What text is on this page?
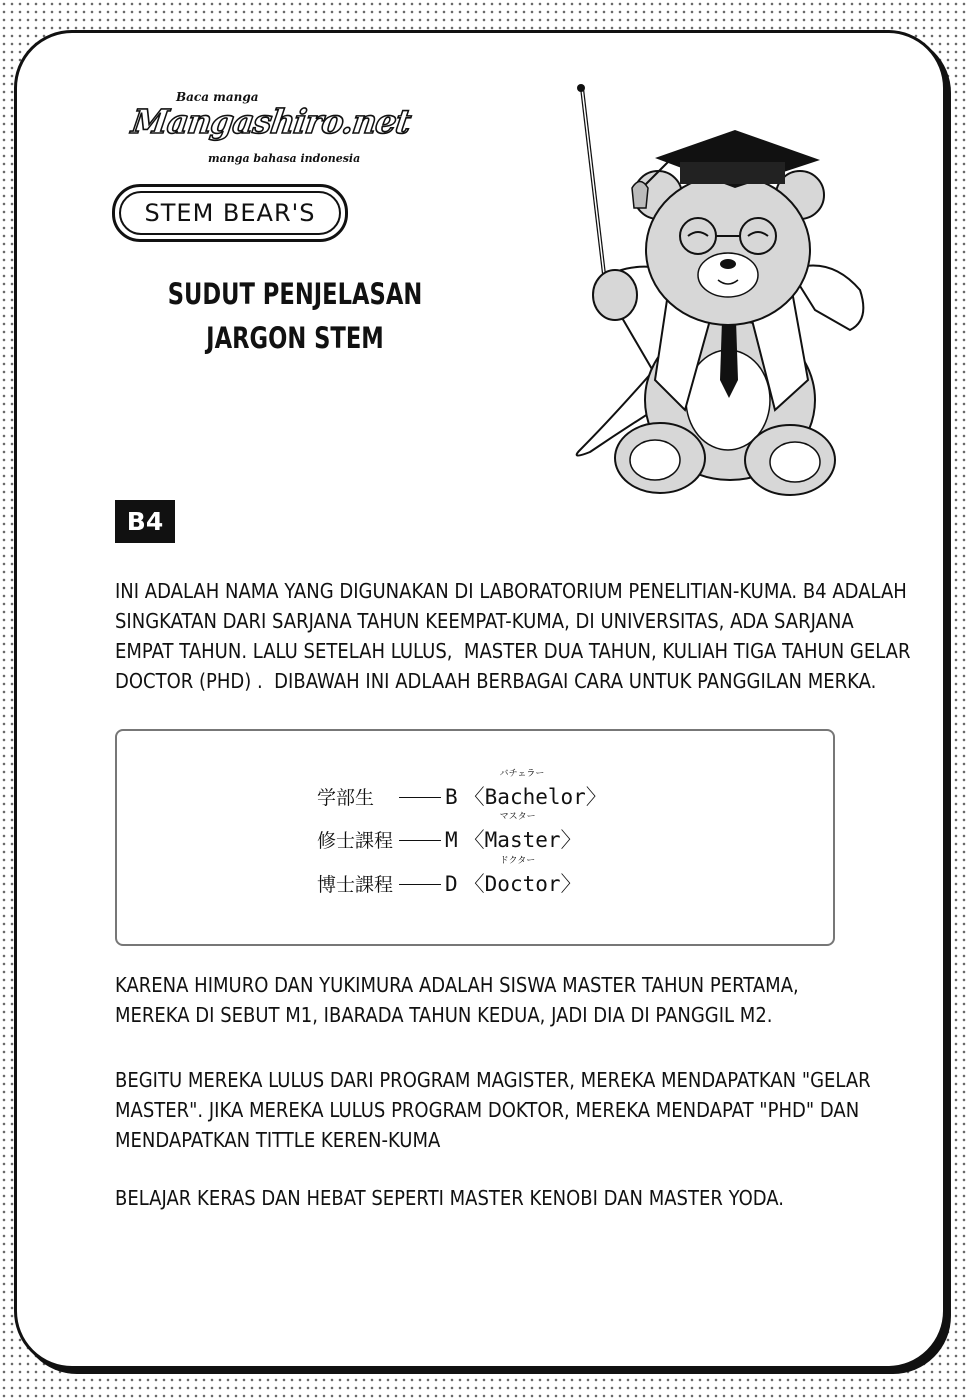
Baca manga
Mangashiro.net
manga bahasa indonesia
STEM BEAR'S
SUDUT PENJELASAN
JARGON STEM
B4
INI ADALAH NAMA YANG DIGUNAKAN DI LABORATORIUM PENELITIAN-KUMA. B4 ADALAH
SINGKATAN DARI SARJANA TAHUN KEEMPAT-KUMA, DI UNIVERSITAS, ADA SARJANA
EMPAT TAHUN. LALU SETELAH LULUS,  MASTER DUA TAHUN, KULIAH TIGA TAHUN GELAR
DOCTOR (PHD) .  DIBAWAH INI ADLAAH BERBAGAI CARA UNTUK PANGGILAN MERKA.
学部生	B
バチェラー
〈Bachelor〉
修士課程 M
マスター
〈Master〉
博士課程 D
ドクター
〈Doctor〉
KARENA HIMURO DAN YUKIMURA ADALAH SISWA MASTER TAHUN PERTAMA,
MEREKA DI SEBUT M1, IBARADA TAHUN KEDUA, JADI DIA DI PANGGIL M2.
BEGITU MEREKA LULUS DARI PROGRAM MAGISTER, MEREKA MENDAPATKAN "GELAR
MASTER". JIKA MEREKA LULUS PROGRAM DOKTOR, MEREKA MENDAPAT "PHD" DAN
MENDAPATKAN TITTLE KEREN-KUMA
BELAJAR KERAS DAN HEBAT SEPERTI MASTER KENOBI DAN MASTER YODA.
